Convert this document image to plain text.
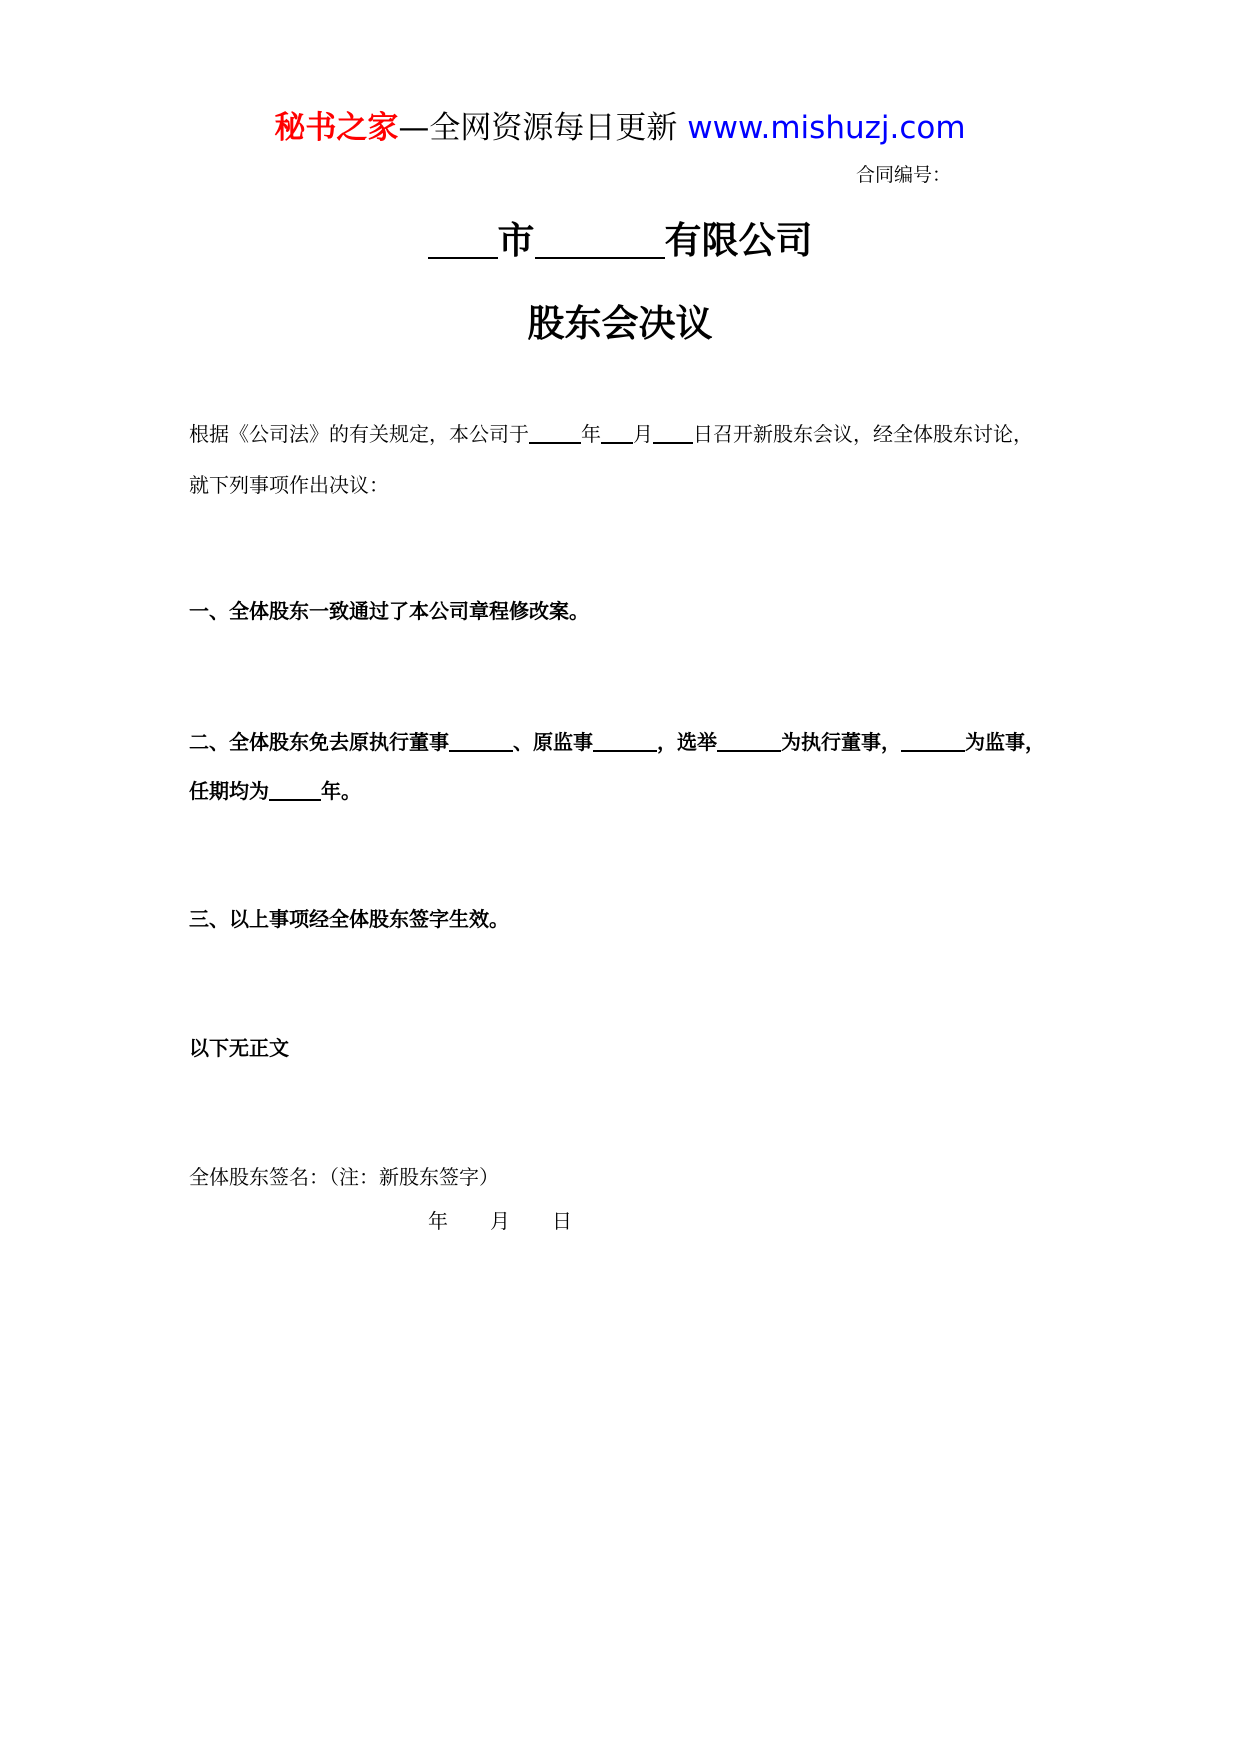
秘书之家—全网资源每日更新 www.mishuzj.com
合同编号：
市	有限公司
股东会决议
根据《公司法》的有关规定，本公司于	年 月 日召开新股东会议，经全体股东讨论，
就下列事项作出决议：
一、全体股东一致通过了本公司章程修改案。
二、全体股东免去原执行董事	、原监事	，选举	为执行董事，	为监事，
任期均为	年。
三、以上事项经全体股东签字生效。
以下无正文
全体股东签名：（注：新股东签字）
年 月 日
